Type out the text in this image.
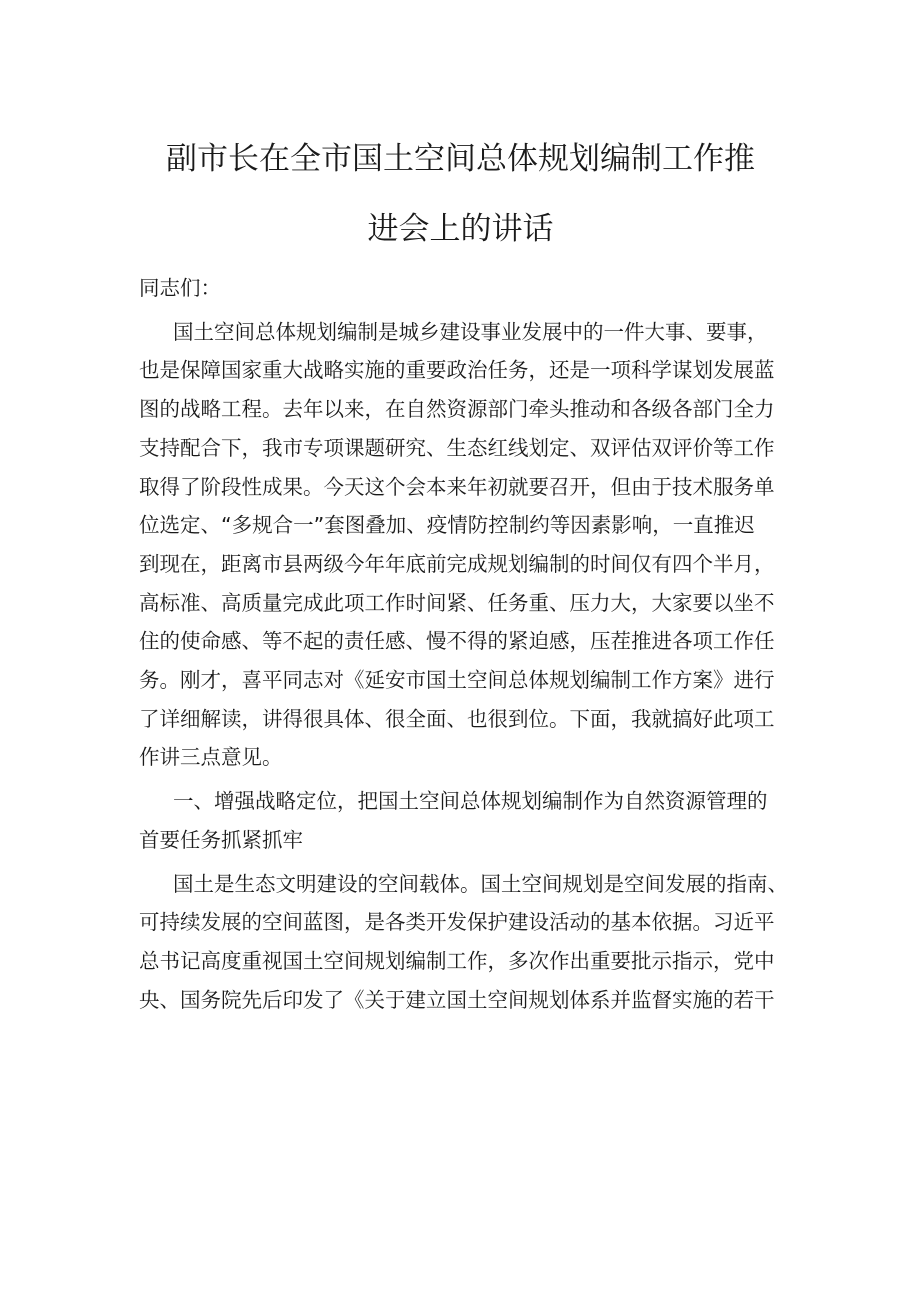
副市长在全市国土空间总体规划编制工作推
进会上的讲话

同志们：

国土空间总体规划编制是城乡建设事业发展中的一件大事、要事，
也是保障国家重大战略实施的重要政治任务，还是一项科学谋划发展蓝
图的战略工程。去年以来，在自然资源部门牵头推动和各级各部门全力
支持配合下，我市专项课题研究、生态红线划定、双评估双评价等工作
取得了阶段性成果。今天这个会本来年初就要召开，但由于技术服务单
位选定、“多规合一”套图叠加、疫情防控制约等因素影响，一直推迟
到现在，距离市县两级今年年底前完成规划编制的时间仅有四个半月，
高标准、高质量完成此项工作时间紧、任务重、压力大，大家要以坐不
住的使命感、等不起的责任感、慢不得的紧迫感，压茬推进各项工作任
务。刚才，喜平同志对《延安市国土空间总体规划编制工作方案》进行
了详细解读，讲得很具体、很全面、也很到位。下面，我就搞好此项工
作讲三点意见。

一、增强战略定位，把国土空间总体规划编制作为自然资源管理的
首要任务抓紧抓牢

国土是生态文明建设的空间载体。国土空间规划是空间发展的指南、
可持续发展的空间蓝图，是各类开发保护建设活动的基本依据。习近平
总书记高度重视国土空间规划编制工作，多次作出重要批示指示，党中
央、国务院先后印发了《关于建立国土空间规划体系并监督实施的若干
